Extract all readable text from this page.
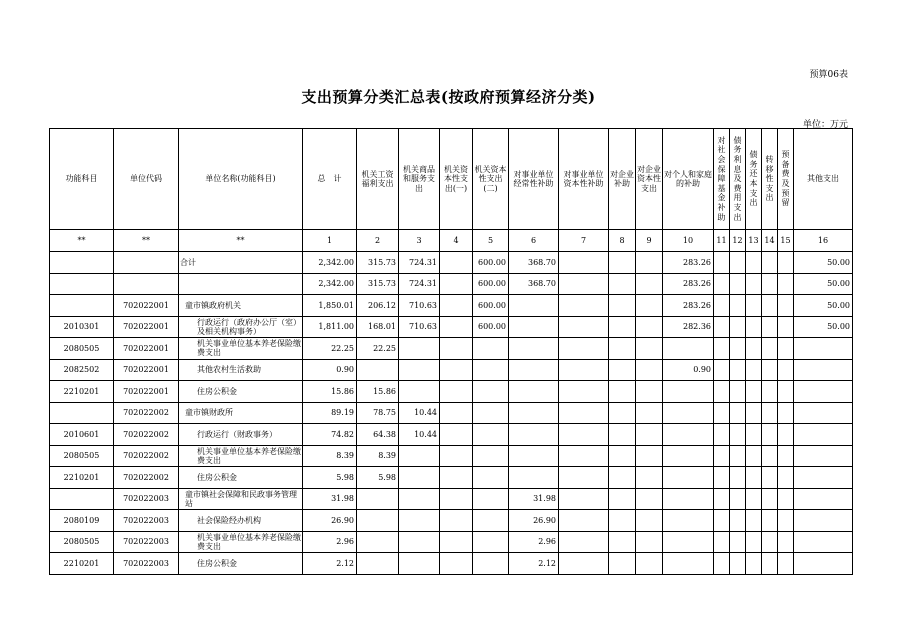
预算06表
支出预算分类汇总表(按政府预算经济分类)
单位：万元
功能科目	单位代码	单位名称(功能科目)	总　计	机关工资福利支出	机关商品和服务支出	机关资本性支出(一)	机关资本性支出(二)	对事业单位经常性补助	对事业单位资本性补助	对企业补助	对企业资本性支出	对个人和家庭的补助	对社会保障基金补助	债务利息及费用支出	债务还本支出	转移性支出	预备费及预留	其他支出
**	**	**	1	2	3	4	5	6	7	8	9	10	11	12	13	14	15	16
		合计	2,342.00	315.73	724.31		600.00	368.70				283.26						50.00
			2,342.00	315.73	724.31		600.00	368.70				283.26						50.00
	702022001	童市镇政府机关	1,850.01	206.12	710.63		600.00					283.26						50.00
2010301	702022001	行政运行（政府办公厅（室）及相关机构事务）	1,811.00	168.01	710.63		600.00					282.36						50.00
2080505	702022001	机关事业单位基本养老保险缴费支出	22.25	22.25														
2082502	702022001	其他农村生活救助	0.90									0.90						
2210201	702022001	住房公积金	15.86	15.86														
	702022002	童市镇财政所	89.19	78.75	10.44													
2010601	702022002	行政运行（财政事务）	74.82	64.38	10.44													
2080505	702022002	机关事业单位基本养老保险缴费支出	8.39	8.39														
2210201	702022002	住房公积金	5.98	5.98														
	702022003	童市镇社会保障和民政事务管理站	31.98					31.98										
2080109	702022003	社会保险经办机构	26.90					26.90										
2080505	702022003	机关事业单位基本养老保险缴费支出	2.96					2.96										
2210201	702022003	住房公积金	2.12					2.12										
